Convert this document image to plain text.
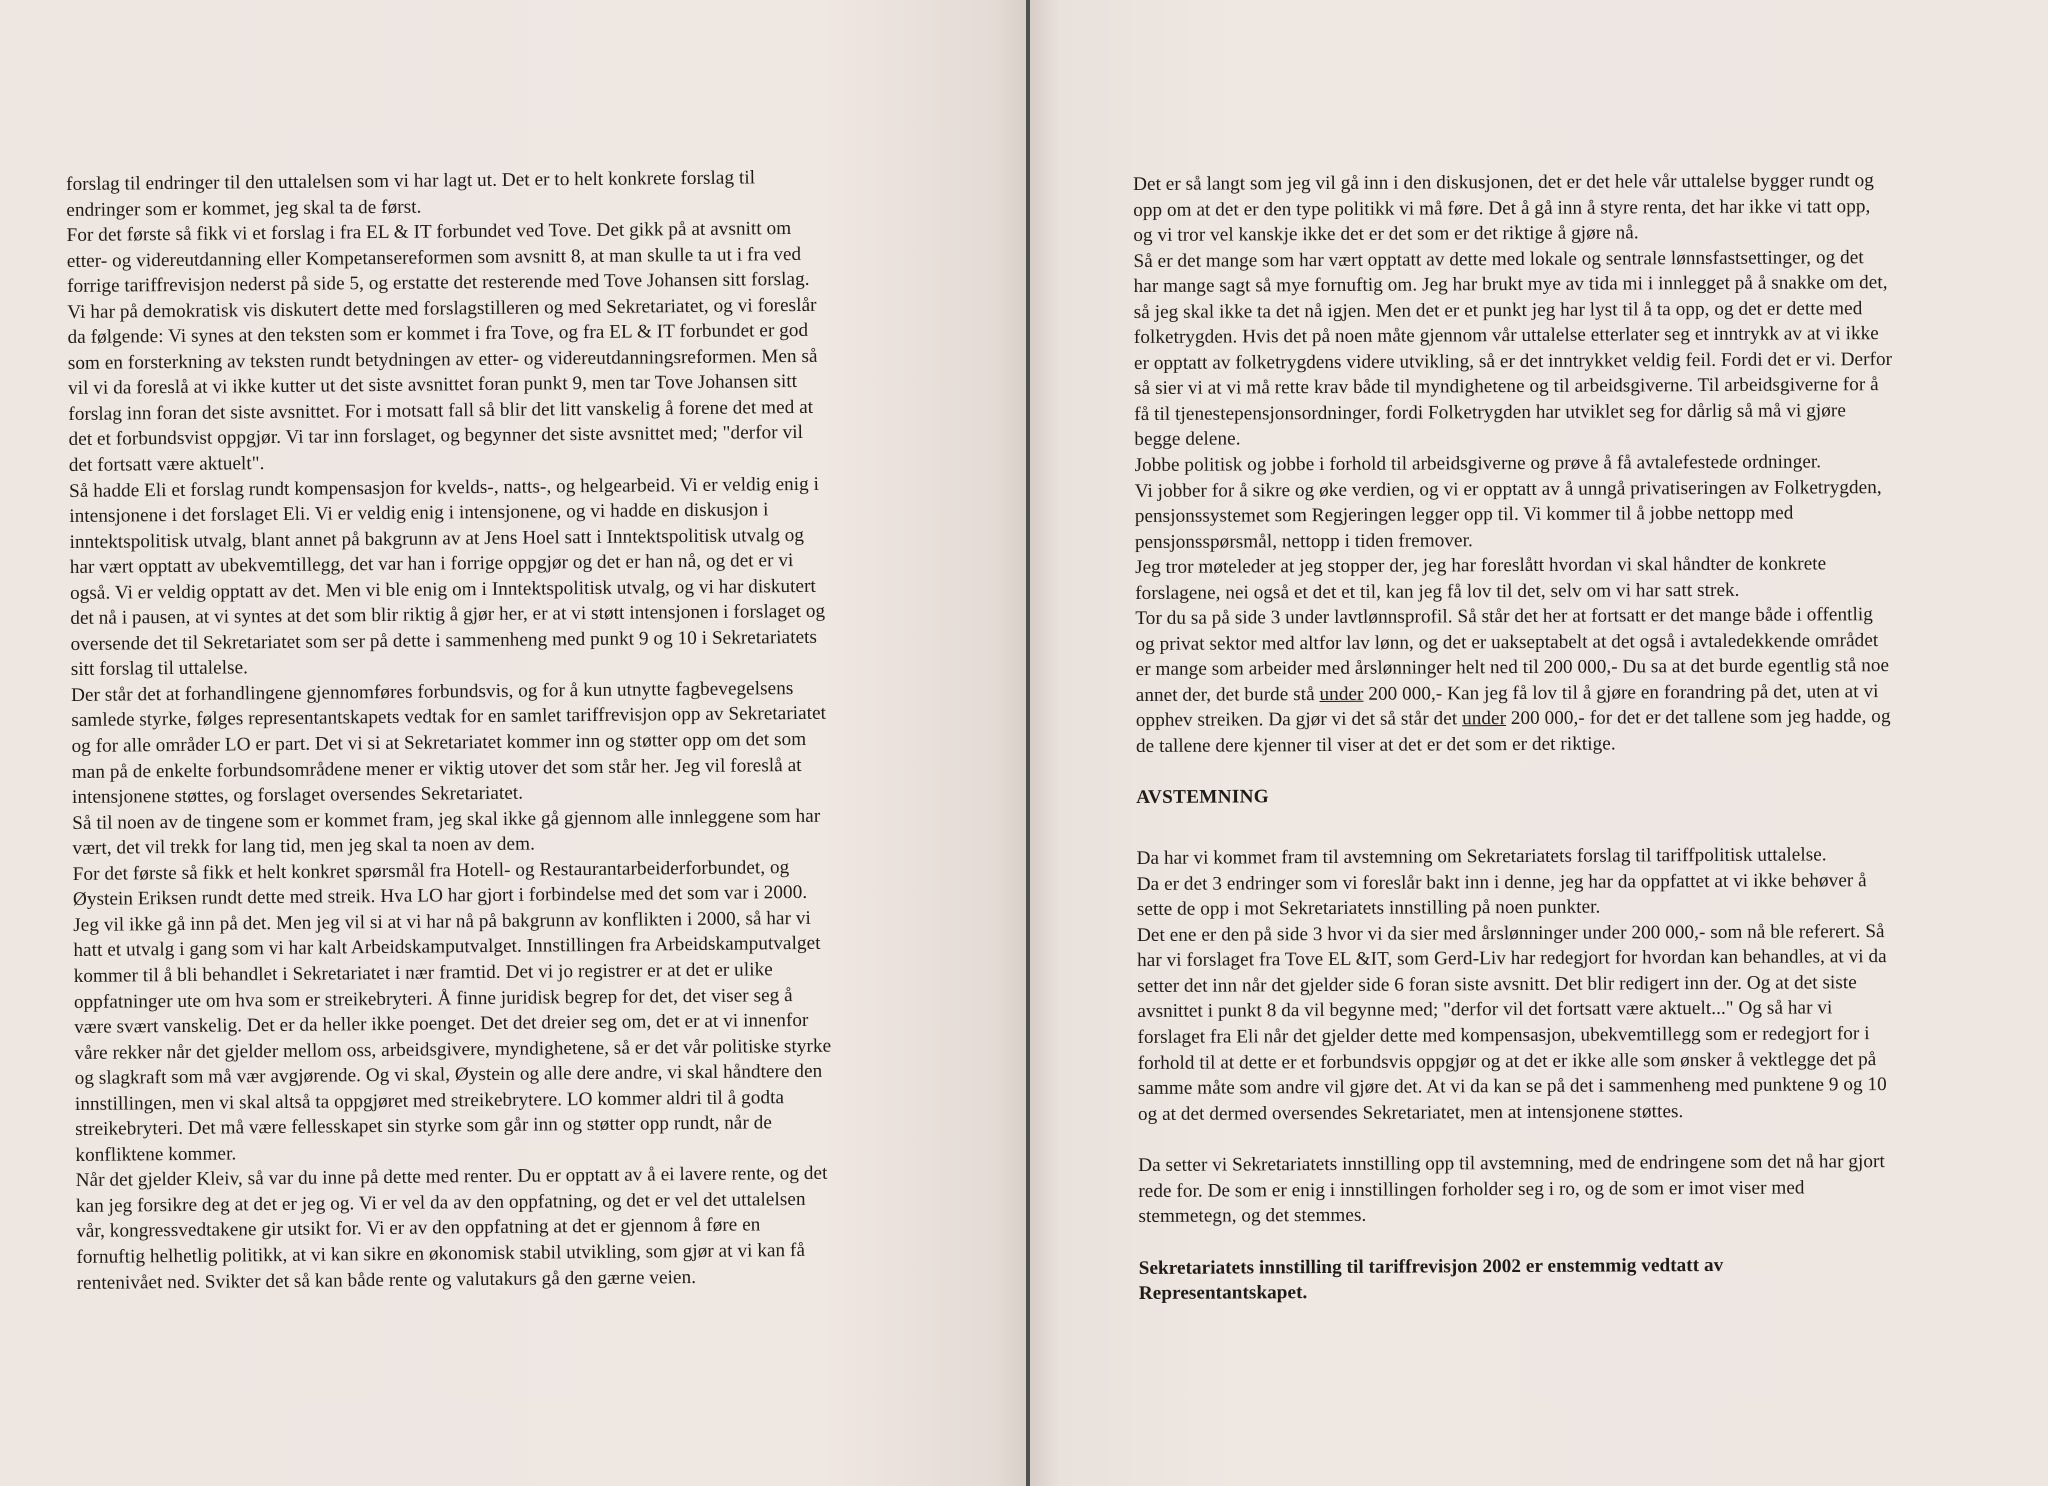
forslag til endringer til den uttalelsen som vi har lagt ut. Det er to helt konkrete forslag til
endringer som er kommet, jeg skal ta de først.
For det første så fikk vi et forslag i fra EL & IT forbundet ved Tove. Det gikk på at avsnitt om
etter- og videreutdanning eller Kompetansereformen som avsnitt 8, at man skulle ta ut i fra ved
forrige tariffrevisjon nederst på side 5, og erstatte det resterende med Tove Johansen sitt forslag.
Vi har på demokratisk vis diskutert dette med forslagstilleren og med Sekretariatet, og vi foreslår
da følgende: Vi synes at den teksten som er kommet i fra Tove, og fra EL & IT forbundet er god
som en forsterkning av teksten rundt betydningen av etter- og videreutdanningsreformen. Men så
vil vi da foreslå at vi ikke kutter ut det siste avsnittet foran punkt 9, men tar Tove Johansen sitt
forslag inn foran det siste avsnittet. For i motsatt fall så blir det litt vanskelig å forene det med at
det et forbundsvist oppgjør. Vi tar inn forslaget, og begynner det siste avsnittet med; "derfor vil
det fortsatt være aktuelt".
Så hadde Eli et forslag rundt kompensasjon for kvelds-, natts-, og helgearbeid. Vi er veldig enig i
intensjonene i det forslaget Eli. Vi er veldig enig i intensjonene, og vi hadde en diskusjon i
inntektspolitisk utvalg, blant annet på bakgrunn av at Jens Hoel satt i Inntektspolitisk utvalg og
har vært opptatt av ubekvemtillegg, det var han i forrige oppgjør og det er han nå, og det er vi
også. Vi er veldig opptatt av det. Men vi ble enig om i Inntektspolitisk utvalg, og vi har diskutert
det nå i pausen, at vi syntes at det som blir riktig å gjør her, er at vi støtt intensjonen i forslaget og
oversende det til Sekretariatet som ser på dette i sammenheng med punkt 9 og 10 i Sekretariatets
sitt forslag til uttalelse.
Der står det at forhandlingene gjennomføres forbundsvis, og for å kun utnytte fagbevegelsens
samlede styrke, følges representantskapets vedtak for en samlet tariffrevisjon opp av Sekretariatet
og for alle områder LO er part. Det vi si at Sekretariatet kommer inn og støtter opp om det som
man på de enkelte forbundsområdene mener er viktig utover det som står her. Jeg vil foreslå at
intensjonene støttes, og forslaget oversendes Sekretariatet.
Så til noen av de tingene som er kommet fram, jeg skal ikke gå gjennom alle innleggene som har
vært, det vil trekk for lang tid, men jeg skal ta noen av dem.
For det første så fikk et helt konkret spørsmål fra Hotell- og Restaurantarbeiderforbundet, og
Øystein Eriksen rundt dette med streik. Hva LO har gjort i forbindelse med det som var i 2000.
Jeg vil ikke gå inn på det. Men jeg vil si at vi har nå på bakgrunn av konflikten i 2000, så har vi
hatt et utvalg i gang som vi har kalt Arbeidskamputvalget. Innstillingen fra Arbeidskamputvalget
kommer til å bli behandlet i Sekretariatet i nær framtid. Det vi jo registrer er at det er ulike
oppfatninger ute om hva som er streikebryteri. Å finne juridisk begrep for det, det viser seg å
være svært vanskelig. Det er da heller ikke poenget. Det det dreier seg om, det er at vi innenfor
våre rekker når det gjelder mellom oss, arbeidsgivere, myndighetene, så er det vår politiske styrke
og slagkraft som må vær avgjørende. Og vi skal, Øystein og alle dere andre, vi skal håndtere den
innstillingen, men vi skal altså ta oppgjøret med streikebrytere. LO kommer aldri til å godta
streikebryteri. Det må være fellesskapet sin styrke som går inn og støtter opp rundt, når de
konfliktene kommer.
Når det gjelder Kleiv, så var du inne på dette med renter. Du er opptatt av å ei lavere rente, og det
kan jeg forsikre deg at det er jeg og. Vi er vel da av den oppfatning, og det er vel det uttalelsen
vår, kongressvedtakene gir utsikt for. Vi er av den oppfatning at det er gjennom å føre en
fornuftig helhetlig politikk, at vi kan sikre en økonomisk stabil utvikling, som gjør at vi kan få
rentenivået ned. Svikter det så kan både rente og valutakurs gå den gærne veien.
Det er så langt som jeg vil gå inn i den diskusjonen, det er det hele vår uttalelse bygger rundt og
opp om at det er den type politikk vi må føre. Det å gå inn å styre renta, det har ikke vi tatt opp,
og vi tror vel kanskje ikke det er det som er det riktige å gjøre nå.
Så er det mange som har vært opptatt av dette med lokale og sentrale lønnsfastsettinger, og det
har mange sagt så mye fornuftig om. Jeg har brukt mye av tida mi i innlegget på å snakke om det,
så jeg skal ikke ta det nå igjen. Men det er et punkt jeg har lyst til å ta opp, og det er dette med
folketrygden. Hvis det på noen måte gjennom vår uttalelse etterlater seg et inntrykk av at vi ikke
er opptatt av folketrygdens videre utvikling, så er det inntrykket veldig feil. Fordi det er vi. Derfor
så sier vi at vi må rette krav både til myndighetene og til arbeidsgiverne. Til arbeidsgiverne for å
få til tjenestepensjonsordninger, fordi Folketrygden har utviklet seg for dårlig så må vi gjøre
begge delene.
Jobbe politisk og jobbe i forhold til arbeidsgiverne og prøve å få avtalefestede ordninger.
Vi jobber for å sikre og øke verdien, og vi er opptatt av å unngå privatiseringen av Folketrygden,
pensjonssystemet som Regjeringen legger opp til. Vi kommer til å jobbe nettopp med
pensjonsspørsmål, nettopp i tiden fremover.
Jeg tror møteleder at jeg stopper der, jeg har foreslått hvordan vi skal håndter de konkrete
forslagene, nei også et det et til, kan jeg få lov til det, selv om vi har satt strek.
Tor du sa på side 3 under lavtlønnsprofil. Så står det her at fortsatt er det mange både i offentlig
og privat sektor med altfor lav lønn, og det er uakseptabelt at det også i avtaledekkende området
er mange som arbeider med årslønninger helt ned til 200 000,- Du sa at det burde egentlig stå noe
annet der, det burde stå under 200 000,- Kan jeg få lov til å gjøre en forandring på det, uten at vi
opphev streiken. Da gjør vi det så står det under 200 000,- for det er det tallene som jeg hadde, og
de tallene dere kjenner til viser at det er det som er det riktige.
AVSTEMNING
Da har vi kommet fram til avstemning om Sekretariatets forslag til tariffpolitisk uttalelse.
Da er det 3 endringer som vi foreslår bakt inn i denne, jeg har da oppfattet at vi ikke behøver å
sette de opp i mot Sekretariatets innstilling på noen punkter.
Det ene er den på side 3 hvor vi da sier med årslønninger under 200 000,- som nå ble referert. Så
har vi forslaget fra Tove EL &IT, som Gerd-Liv har redegjort for hvordan kan behandles, at vi da
setter det inn når det gjelder side 6 foran siste avsnitt. Det blir redigert inn der. Og at det siste
avsnittet i punkt 8 da vil begynne med; "derfor vil det fortsatt være aktuelt..." Og så har vi
forslaget fra Eli når det gjelder dette med kompensasjon, ubekvemtillegg som er redegjort for i
forhold til at dette er et forbundsvis oppgjør og at det er ikke alle som ønsker å vektlegge det på
samme måte som andre vil gjøre det. At vi da kan se på det i sammenheng med punktene 9 og 10
og at det dermed oversendes Sekretariatet, men at intensjonene støttes.
Da setter vi Sekretariatets innstilling opp til avstemning, med de endringene som det nå har gjort
rede for. De som er enig i innstillingen forholder seg i ro, og de som er imot viser med
stemmetegn, og det stemmes.
Sekretariatets innstilling til tariffrevisjon 2002 er enstemmig vedtatt av
Representantskapet.
